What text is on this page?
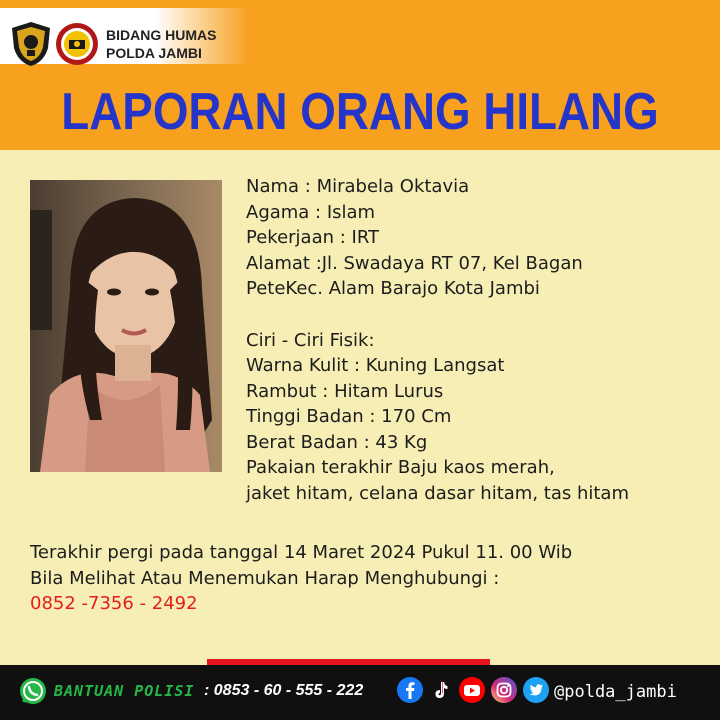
BIDANG HUMAS
POLDA JAMBI
LAPORAN ORANG HILANG
Nama : Mirabela Oktavia
Agama : Islam
Pekerjaan : IRT
Alamat :Jl. Swadaya RT 07, Kel Bagan
PeteKec. Alam Barajo Kota Jambi
Ciri - Ciri Fisik:
Warna Kulit : Kuning Langsat
Rambut : Hitam Lurus
Tinggi Badan : 170 Cm
Berat Badan : 43 Kg
Pakaian terakhir Baju kaos merah,
jaket hitam, celana dasar hitam, tas hitam
Terakhir pergi pada tanggal 14 Maret 2024 Pukul 11. 00 Wib
Bila Melihat Atau Menemukan Harap Menghubungi :
0852 -7356 - 2492
BANTUAN POLISI : 0853 - 60 - 555 - 222	@polda_jambi
